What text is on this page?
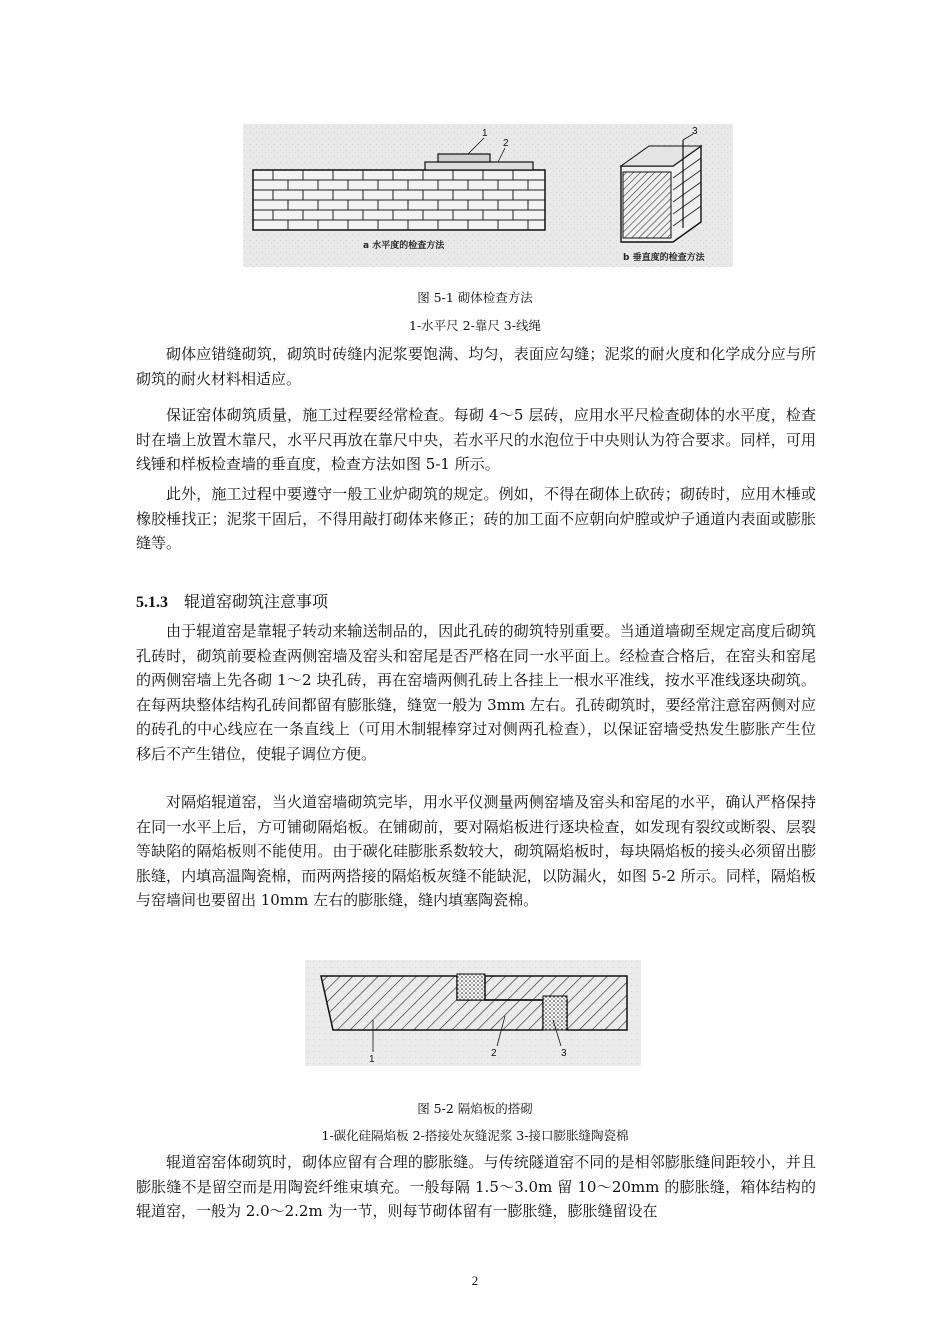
1
2
a 水平度的检查方法
3
b 垂直度的检查方法
图 5-1 砌体检查方法
1-水平尺 2-靠尺 3-线绳

砌体应错缝砌筑，砌筑时砖缝内泥浆要饱满、均匀，表面应勾缝；泥浆的耐火度和化学成分应与所砌筑的耐火材料相适应。

保证窑体砌筑质量，施工过程要经常检查。每砌 4～5 层砖，应用水平尺检查砌体的水平度，检查时在墙上放置木靠尺，水平尺再放在靠尺中央，若水平尺的水泡位于中央则认为符合要求。同样，可用线锤和样板检查墙的垂直度，检查方法如图 5-1 所示。

此外，施工过程中要遵守一般工业炉砌筑的规定。例如，不得在砌体上砍砖；砌砖时，应用木棰或橡胶棰找正；泥浆干固后，不得用敲打砌体来修正；砖的加工面不应朝向炉膛或炉子通道内表面或膨胀缝等。

5.1.3 辊道窑砌筑注意事项

由于辊道窑是靠辊子转动来输送制品的，因此孔砖的砌筑特别重要。当通道墙砌至规定高度后砌筑孔砖时，砌筑前要检查两侧窑墙及窑头和窑尾是否严格在同一水平面上。经检查合格后，在窑头和窑尾的两侧窑墙上先各砌 1～2 块孔砖，再在窑墙两侧孔砖上各挂上一根水平准线，按水平准线逐块砌筑。在每两块整体结构孔砖间都留有膨胀缝，缝宽一般为 3mm 左右。孔砖砌筑时，要经常注意窑两侧对应的砖孔的中心线应在一条直线上（可用木制辊棒穿过对侧两孔检查），以保证窑墙受热发生膨胀产生位移后不产生错位，使辊子调位方便。

对隔焰辊道窑，当火道窑墙砌筑完毕，用水平仪测量两侧窑墙及窑头和窑尾的水平，确认严格保持在同一水平上后，方可铺砌隔焰板。在铺砌前，要对隔焰板进行逐块检查，如发现有裂纹或断裂、层裂等缺陷的隔焰板则不能使用。由于碳化硅膨胀系数较大，砌筑隔焰板时，每块隔焰板的接头必须留出膨胀缝，内填高温陶瓷棉，而两两搭接的隔焰板灰缝不能缺泥，以防漏火，如图 5-2 所示。同样，隔焰板与窑墙间也要留出 10mm 左右的膨胀缝，缝内填塞陶瓷棉。

1
2	3
图 5-2 隔焰板的搭砌
1-碳化硅隔焰板 2-搭接处灰缝泥浆 3-接口膨胀缝陶瓷棉

辊道窑窑体砌筑时，砌体应留有合理的膨胀缝。与传统隧道窑不同的是相邻膨胀缝间距较小，并且膨胀缝不是留空而是用陶瓷纤维束填充。一般每隔 1.5～3.0m 留 10～20mm 的膨胀缝，箱体结构的辊道窑，一般为 2.0～2.2m 为一节，则每节砌体留有一膨胀缝，膨胀缝留设在

2
